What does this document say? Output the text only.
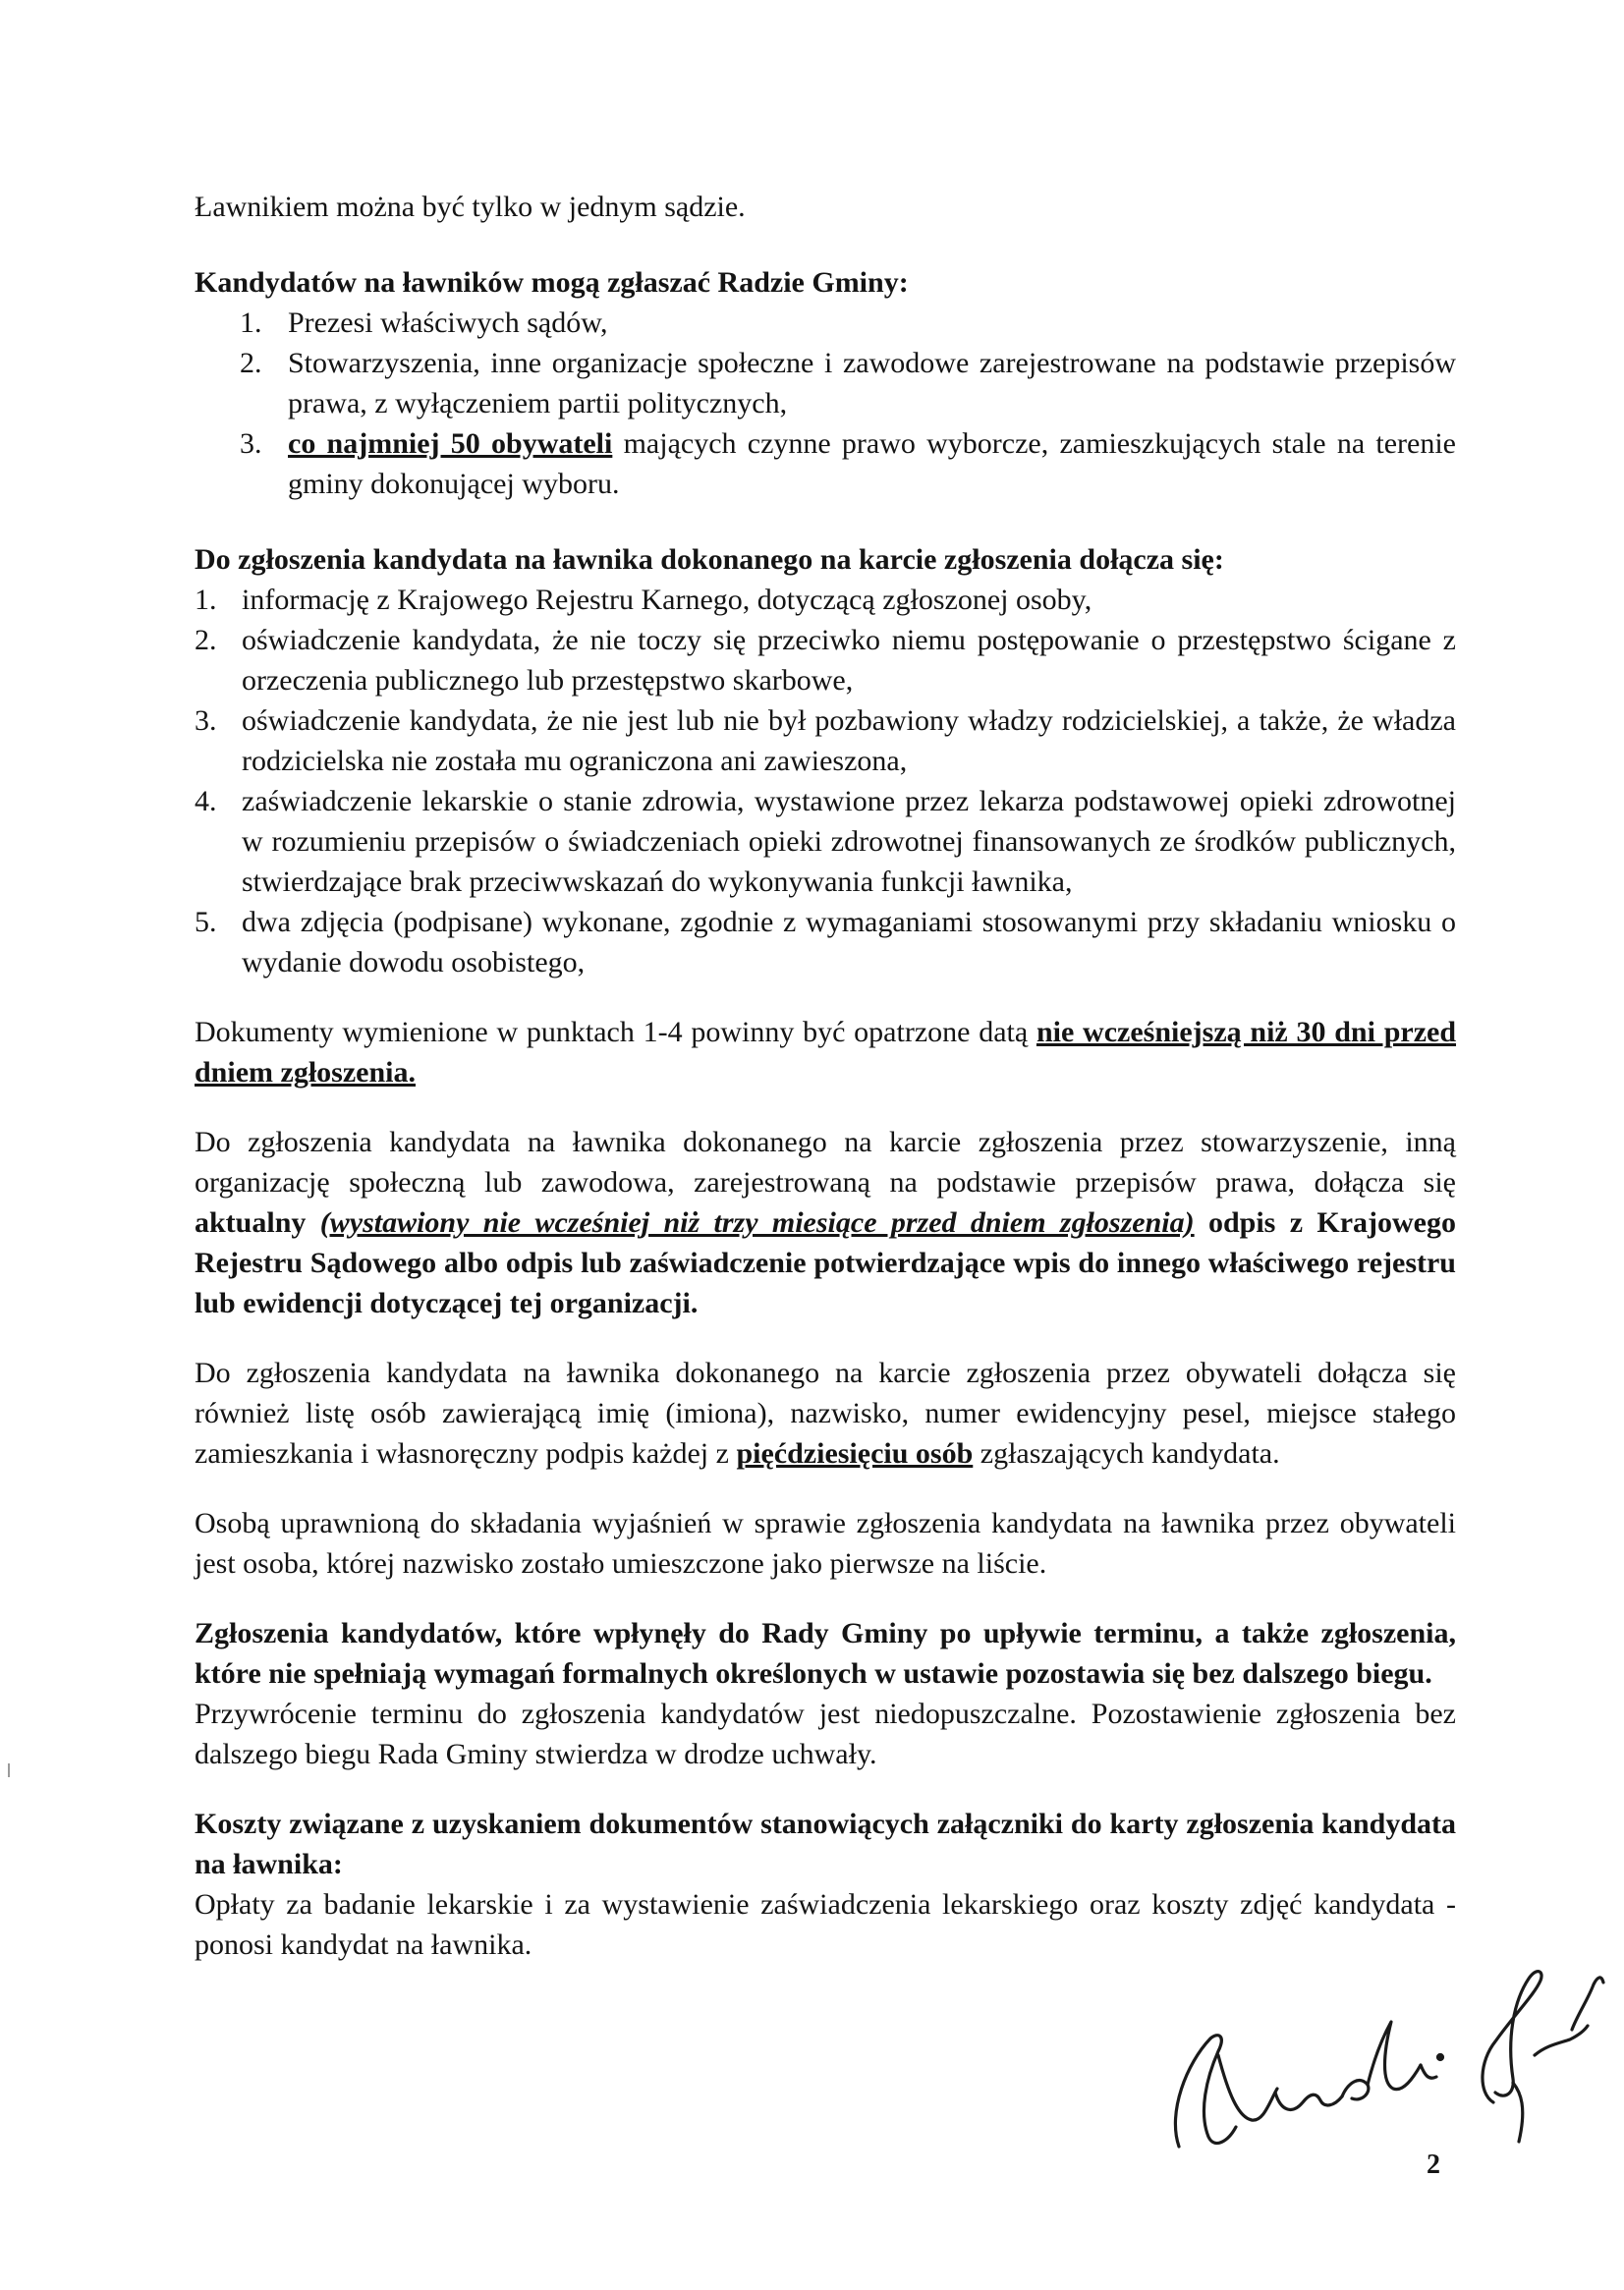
Ławnikiem można być tylko w jednym sądzie.

Kandydatów na ławników mogą zgłaszać Radzie Gminy:

1. Prezesi właściwych sądów,
2. Stowarzyszenia, inne organizacje społeczne i zawodowe zarejestrowane na podstawie przepisów prawa, z wyłączeniem partii politycznych,
3. co najmniej 50 obywateli mających czynne prawo wyborcze, zamieszkujących stale na terenie gminy dokonującej wyboru.

Do zgłoszenia kandydata na ławnika dokonanego na karcie zgłoszenia dołącza się:

1. informację z Krajowego Rejestru Karnego, dotyczącą zgłoszonej osoby,
2. oświadczenie kandydata, że nie toczy się przeciwko niemu postępowanie o przestępstwo ścigane z orzeczenia publicznego lub przestępstwo skarbowe,
3. oświadczenie kandydata, że nie jest lub nie był pozbawiony władzy rodzicielskiej, a także, że władza rodzicielska nie została mu ograniczona ani zawieszona,
4. zaświadczenie lekarskie o stanie zdrowia, wystawione przez lekarza podstawowej opieki zdrowotnej w rozumieniu przepisów o świadczeniach opieki zdrowotnej finansowanych ze środków publicznych, stwierdzające brak przeciwwskazań do wykonywania funkcji ławnika,
5. dwa zdjęcia (podpisane) wykonane, zgodnie z wymaganiami stosowanymi przy składaniu wniosku o wydanie dowodu osobistego,

Dokumenty wymienione w punktach 1-4 powinny być opatrzone datą nie wcześniejszą niż 30 dni przed dniem zgłoszenia.

Do zgłoszenia kandydata na ławnika dokonanego na karcie zgłoszenia przez stowarzyszenie, inną organizację społeczną lub zawodowa, zarejestrowaną na podstawie przepisów prawa, dołącza się aktualny (wystawiony nie wcześniej niż trzy miesiące przed dniem zgłoszenia) odpis z Krajowego Rejestru Sądowego albo odpis lub zaświadczenie potwierdzające wpis do innego właściwego rejestru lub ewidencji dotyczącej tej organizacji.

Do zgłoszenia kandydata na ławnika dokonanego na karcie zgłoszenia przez obywateli dołącza się również listę osób zawierającą imię (imiona), nazwisko, numer ewidencyjny pesel, miejsce stałego zamieszkania i własnoręczny podpis każdej z pięćdziesięciu osób zgłaszających kandydata.

Osobą uprawnioną do składania wyjaśnień w sprawie zgłoszenia kandydata na ławnika przez obywateli jest osoba, której nazwisko zostało umieszczone jako pierwsze na liście.

Zgłoszenia kandydatów, które wpłynęły do Rady Gminy po upływie terminu, a także zgłoszenia, które nie spełniają wymagań formalnych określonych w ustawie pozostawia się bez dalszego biegu.

Przywrócenie terminu do zgłoszenia kandydatów jest niedopuszczalne. Pozostawienie zgłoszenia bez dalszego biegu Rada Gminy stwierdza w drodze uchwały.

Koszty związane z uzyskaniem dokumentów stanowiących załączniki do karty zgłoszenia kandydata na ławnika:

Opłaty za badanie lekarskie i za wystawienie zaświadczenia lekarskiego oraz koszty zdjęć kandydata - ponosi kandydat na ławnika.

2
